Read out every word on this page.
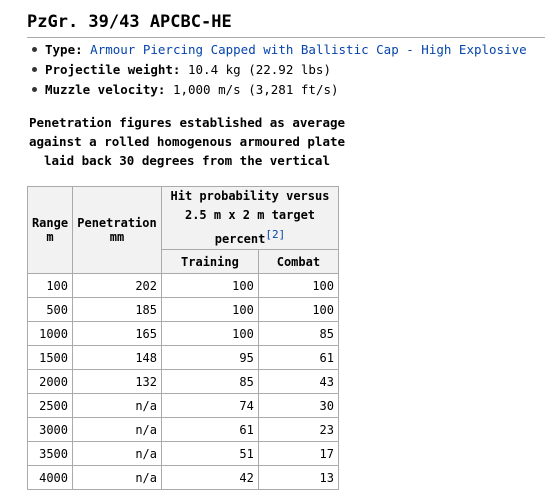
PzGr. 39/43 APCBC-HE
Type: Armour Piercing Capped with Ballistic Cap - High Explosive
Projectile weight: 10.4 kg (22.92 lbs)
Muzzle velocity: 1,000 m/s (3,281 ft/s)
Penetration figures established as average against a rolled homogenous armoured plate laid back 30 degrees from the vertical
Range m	Penetration mm	Hit probability versus 2.5 m x 2 m target percent[2]
		Training	Combat
100	202	100	100
500	185	100	100
1000	165	100	85
1500	148	95	61
2000	132	85	43
2500	n/a	74	30
3000	n/a	61	23
3500	n/a	51	17
4000	n/a	42	13
